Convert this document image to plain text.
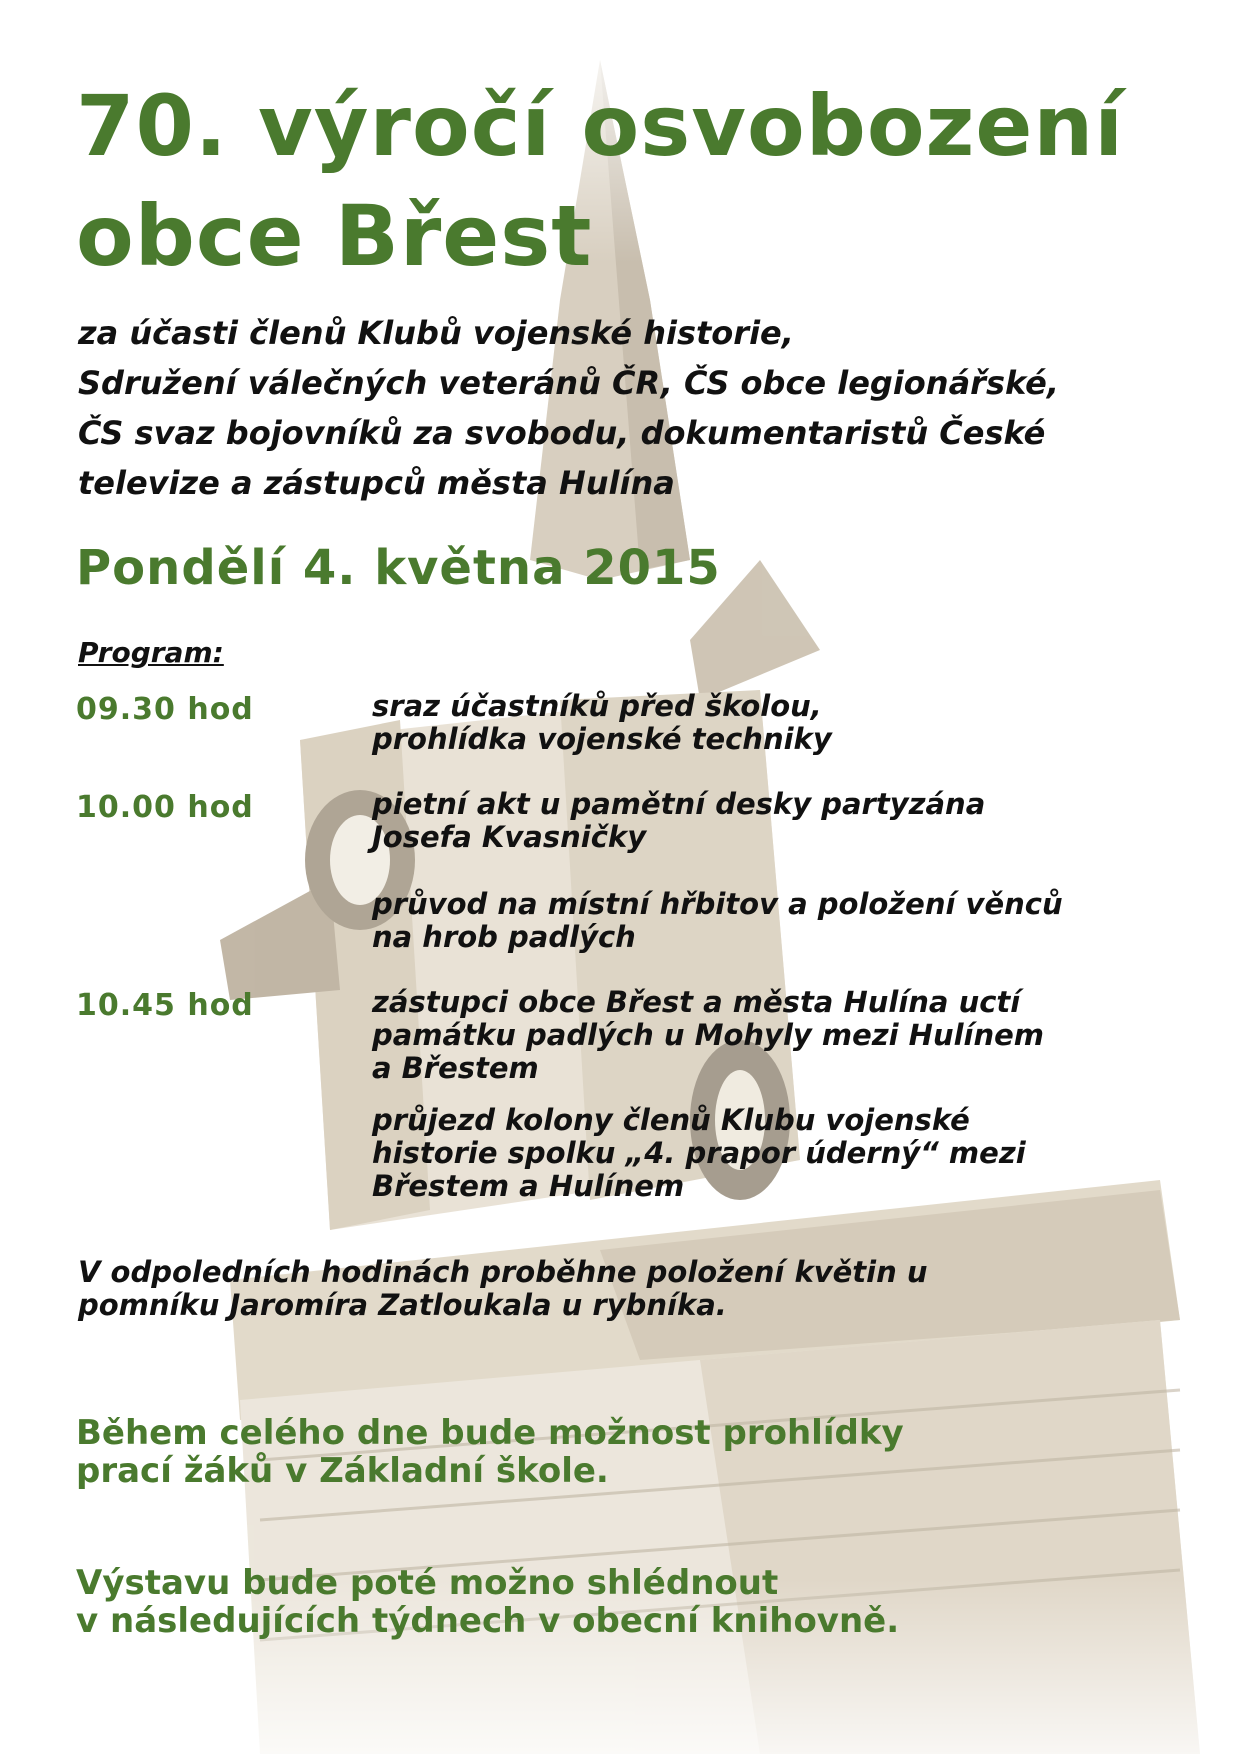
70. výročí osvobození
obce Břest
za účasti členů Klubů vojenské historie,
Sdružení válečných veteránů ČR, ČS obce legionářské,
ČS svaz bojovníků za svobodu, dokumentaristů České
televize a zástupců města Hulína
Pondělí 4. května 2015
Program:
09.30 hod	sraz účastníků před školou,
prohlídka vojenské techniky
10.00 hod	pietní akt u pamětní desky partyzána
Josefa Kvasničky
průvod na místní hřbitov a položení věnců
na hrob padlých
10.45 hod	zástupci obce Břest a města Hulína uctí
památku padlých u Mohyly mezi Hulínem
a Břestem
průjezd kolony členů Klubu vojenské
historie spolku „4. prapor úderný“ mezi
Břestem a Hulínem
V odpoledních hodinách proběhne položení květin u
pomníku Jaromíra Zatloukala u rybníka.
Během celého dne bude možnost prohlídky
prací žáků v Základní škole.
Výstavu bude poté možno shlédnout
v následujících týdnech v obecní knihovně.
